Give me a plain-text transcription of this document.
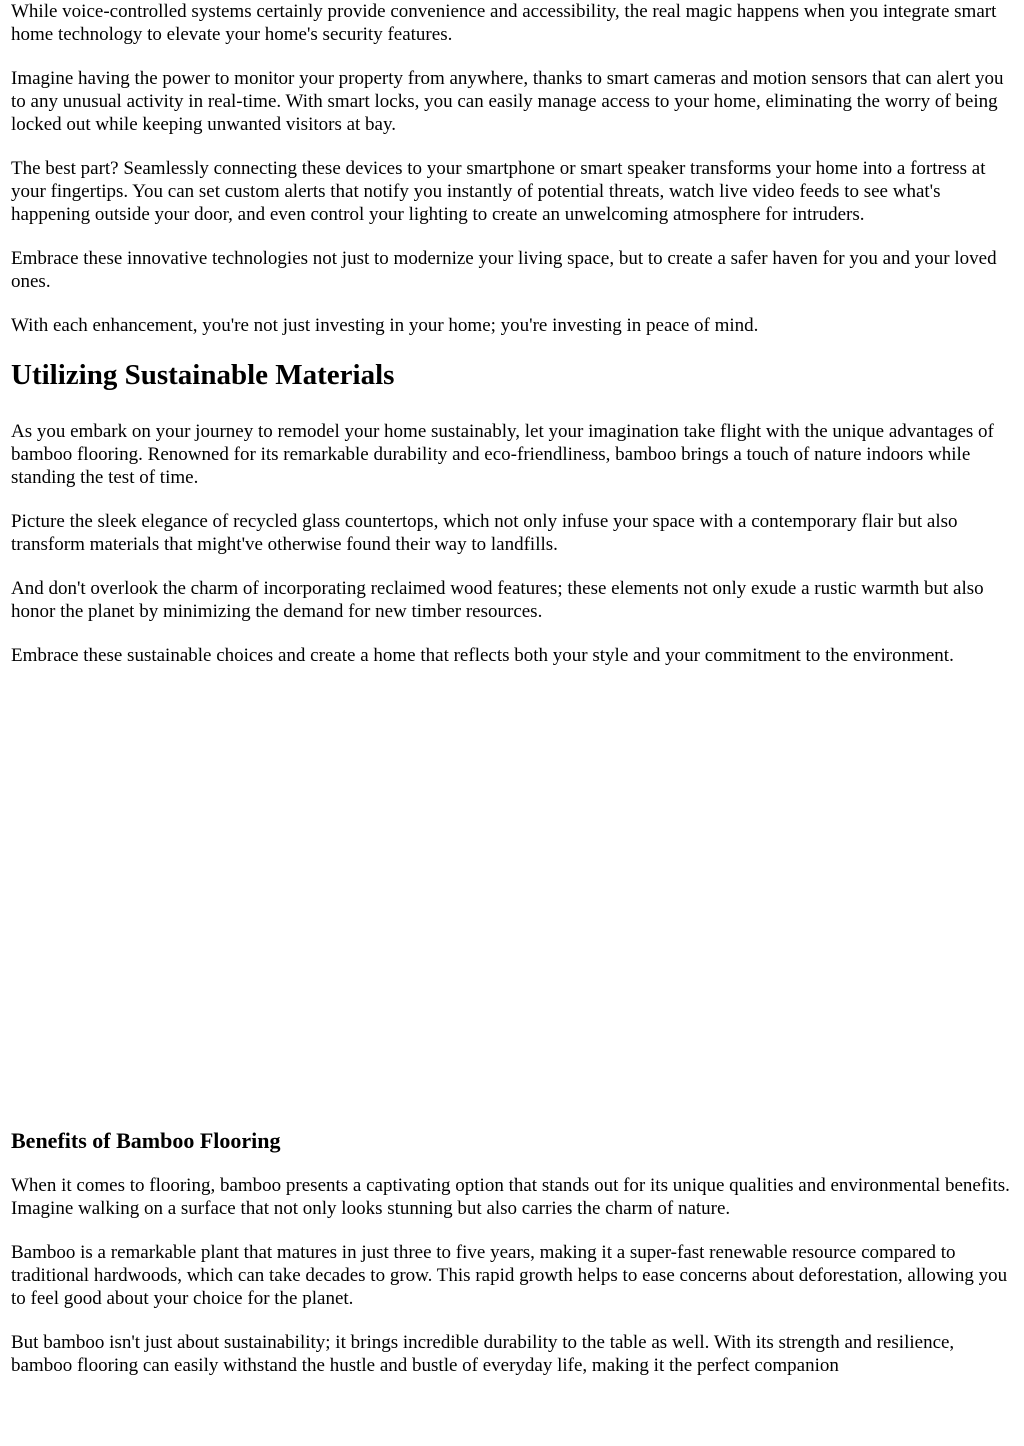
While voice-controlled systems certainly provide convenience and accessibility, the real magic happens when you integrate smart home technology to elevate your home's security features.

Imagine having the power to monitor your property from anywhere, thanks to smart cameras and motion sensors that can alert you to any unusual activity in real-time. With smart locks, you can easily manage access to your home, eliminating the worry of being locked out while keeping unwanted visitors at bay.

The best part? Seamlessly connecting these devices to your smartphone or smart speaker transforms your home into a fortress at your fingertips. You can set custom alerts that notify you instantly of potential threats, watch live video feeds to see what's happening outside your door, and even control your lighting to create an unwelcoming atmosphere for intruders.

Embrace these innovative technologies not just to modernize your living space, but to create a safer haven for you and your loved ones.

With each enhancement, you're not just investing in your home; you're investing in peace of mind.

Utilizing Sustainable Materials

As you embark on your journey to remodel your home sustainably, let your imagination take flight with the unique advantages of bamboo flooring. Renowned for its remarkable durability and eco-friendliness, bamboo brings a touch of nature indoors while standing the test of time.

Picture the sleek elegance of recycled glass countertops, which not only infuse your space with a contemporary flair but also transform materials that might've otherwise found their way to landfills.

And don't overlook the charm of incorporating reclaimed wood features; these elements not only exude a rustic warmth but also honor the planet by minimizing the demand for new timber resources.

Embrace these sustainable choices and create a home that reflects both your style and your commitment to the environment.

Benefits of Bamboo Flooring

When it comes to flooring, bamboo presents a captivating option that stands out for its unique qualities and environmental benefits. Imagine walking on a surface that not only looks stunning but also carries the charm of nature.

Bamboo is a remarkable plant that matures in just three to five years, making it a super-fast renewable resource compared to traditional hardwoods, which can take decades to grow. This rapid growth helps to ease concerns about deforestation, allowing you to feel good about your choice for the planet.

But bamboo isn't just about sustainability; it brings incredible durability to the table as well. With its strength and resilience, bamboo flooring can easily withstand the hustle and bustle of everyday life, making it the perfect companion
